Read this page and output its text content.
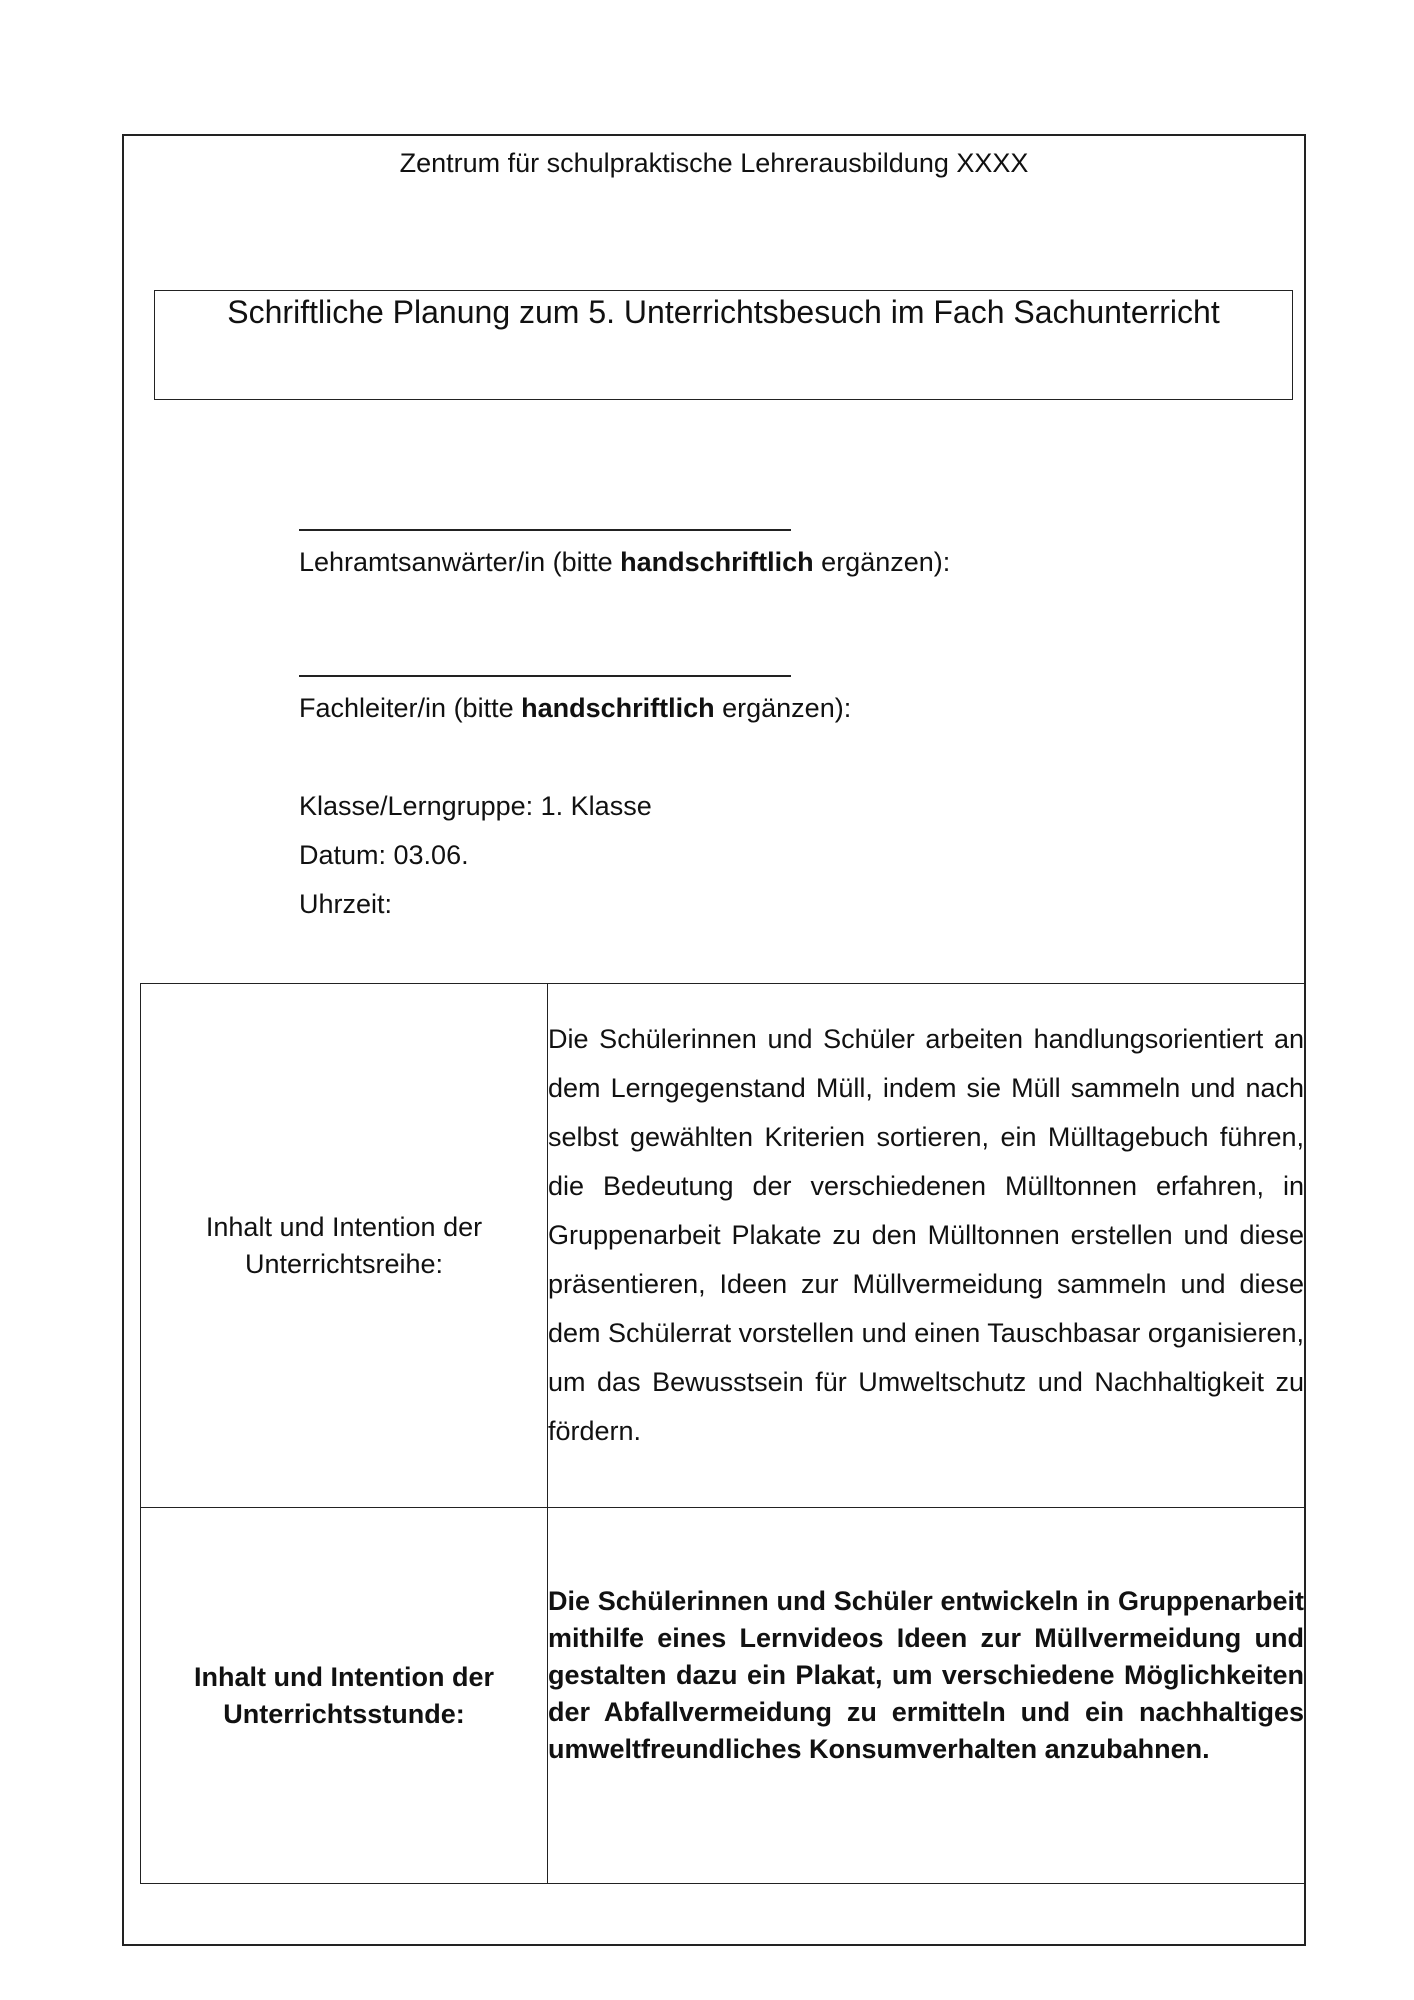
Zentrum für schulpraktische Lehrerausbildung XXXX
Schriftliche Planung zum 5. Unterrichtsbesuch im Fach Sachunterricht
Lehramtsanwärter/in (bitte handschriftlich ergänzen):
Fachleiter/in (bitte handschriftlich ergänzen):
Klasse/Lerngruppe: 1. Klasse
Datum: 03.06.
Uhrzeit:
Inhalt und Intention der Unterrichtsreihe:	Die Schülerinnen und Schüler arbeiten handlungsorientiert an dem Lerngegenstand Müll, indem sie Müll sammeln und nach selbst gewählten Kriterien sortieren, ein Mülltagebuch führen, die Bedeutung der verschiedenen Mülltonnen erfahren, in Gruppenarbeit Plakate zu den Mülltonnen erstellen und diese präsentieren, Ideen zur Müllvermeidung sammeln und diese dem Schülerrat vorstellen und einen Tauschbasar organisieren, um das Bewusstsein für Umweltschutz und Nachhaltigkeit zu fördern.

Inhalt und Intention der Unterrichtsstunde:	Die Schülerinnen und Schüler entwickeln in Gruppenarbeit mithilfe eines Lernvideos Ideen zur Müllvermeidung und gestalten dazu ein Plakat, um verschiedene Möglichkeiten der Abfallvermeidung zu ermitteln und ein nachhaltiges umweltfreundliches Konsumverhalten anzubahnen.
